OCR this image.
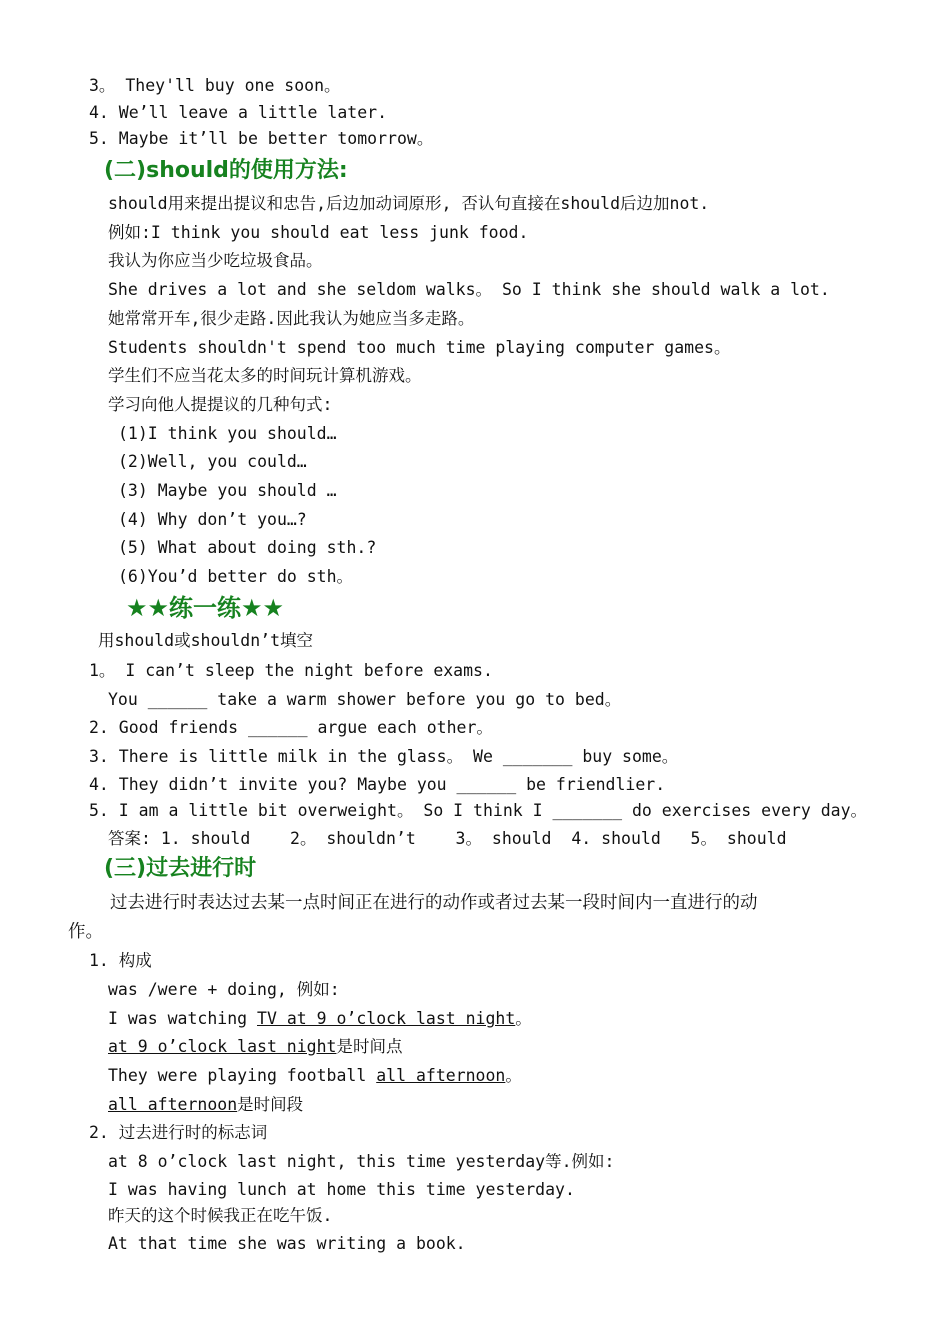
3。 They'll buy one soon。
4. We’ll leave a little later.
5. Maybe it’ll be better tomorrow。
(二)should的使用方法:
should用来提出提议和忠告,后边加动词原形, 否认句直接在should后边加not.
例如:I think you should eat less junk food.
我认为你应当少吃垃圾食品。
She drives a lot and she seldom walks。 So I think she should walk a lot.
她常常开车,很少走路.因此我认为她应当多走路。
Students shouldn't spend too much time playing computer games。
学生们不应当花太多的时间玩计算机游戏。
学习向他人提提议的几种句式:
(1)I think you should…
(2)Well, you could…
(3) Maybe you should …
(4) Why don’t you…?
(5) What about doing sth.?
(6)You’d better do sth。
★★练一练★★
用should或shouldn’t填空
1。 I can’t sleep the night before exams.
You ______ take a warm shower before you go to bed。
2. Good friends ______ argue each other。
3. There is little milk in the glass。 We _______ buy some。
4. They didn’t invite you? Maybe you ______ be friendlier.
5. I am a little bit overweight。 So I think I _______ do exercises every day。
答案: 1. should    2。 shouldn’t    3。 should  4. should   5。 should
(三)过去进行时
过去进行时表达过去某一点时间正在进行的动作或者过去某一段时间内一直进行的动
作。
1. 构成
was /were + doing, 例如:
I was watching TV at 9 o’clock last night。
at 9 o’clock last night是时间点
They were playing football all afternoon。
all afternoon是时间段
2. 过去进行时的标志词
at 8 o’clock last night, this time yesterday等.例如:
I was having lunch at home this time yesterday.
昨天的这个时候我正在吃午饭.
At that time she was writing a book.
